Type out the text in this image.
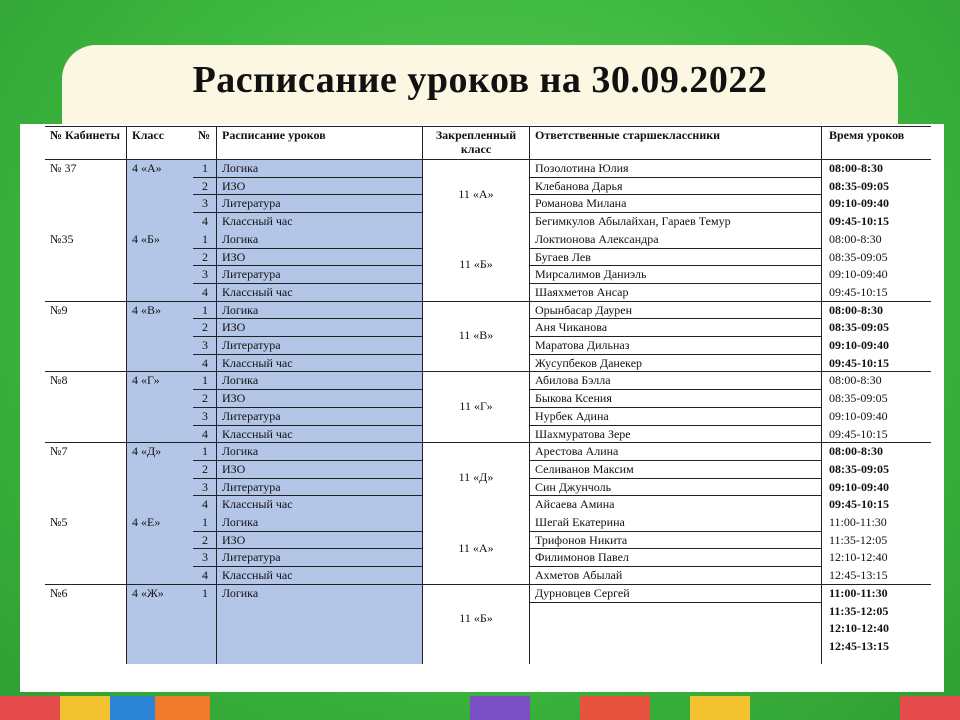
Расписание уроков на 30.09.2022
№ Кабинеты Класс	№ Расписание уроков	Закрепленный класс
Ответственные старшеклассники	Время уроков
№ 37	4 «А»
11 «А»
1 Логика	Позолотина Юлия	08:00-8:30
2 ИЗО	Клебанова Дарья	08:35-09:05
3 Литература	Романова Милана	09:10-09:40
4 Классный час	Бегимкулов Абылайхан, Гараев Темур	09:45-10:15
№35	4 «Б»
11 «Б»
1 Логика	Локтионова Александра	08:00-8:30
2 ИЗО	Бугаев Лев	08:35-09:05
3 Литература	Мирсалимов Даниэль	09:10-09:40
4 Классный час	Шаяхметов Ансар	09:45-10:15
№9	4 «В»
11 «В»
1 Логика	Орынбасар Даурен	08:00-8:30
2 ИЗО	Аня Чиканова	08:35-09:05
3 Литература	Маратова Дильназ	09:10-09:40
4 Классный час	Жусупбеков Данекер	09:45-10:15
№8	4 «Г»
11 «Г»
1 Логика	Абилова Бэлла	08:00-8:30
2 ИЗО	Быкова Ксения	08:35-09:05
3 Литература	Нурбек Адина	09:10-09:40
4 Классный час	Шахмуратова Зере	09:45-10:15
№7	4 «Д»
11 «Д»
1 Логика	Арестова Алина	08:00-8:30
2 ИЗО	Селиванов Максим	08:35-09:05
3 Литература	Син Джунчоль	09:10-09:40
4 Классный час	Айсаева Амина	09:45-10:15
№5	4 «Е»
11 «А»
1 Логика	Шегай Екатерина	11:00-11:30
2 ИЗО	Трифонов Никита	11:35-12:05
3 Литература	Филимонов Павел	12:10-12:40
4 Классный час	Ахметов Абылай	12:45-13:15
№6	4 «Ж»
11 «Б»
1 Логика	Дурновцев Сергей	11:00-11:30
11:35-12:05
12:10-12:40
12:45-13:15
